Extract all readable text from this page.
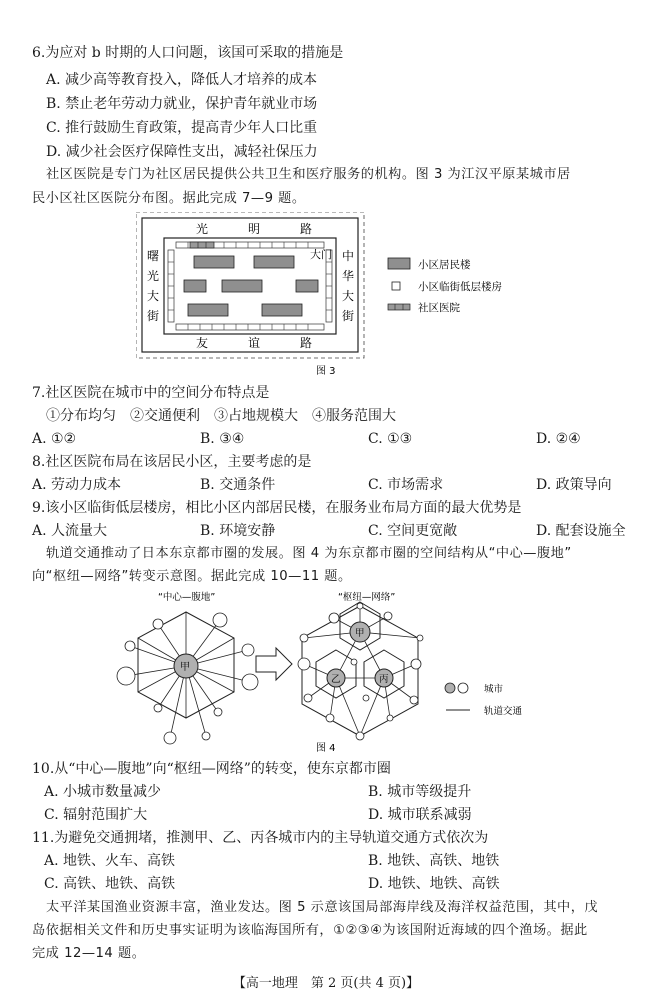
6.为应对 b 时期的人口问题，该国可采取的措施是
A. 减少高等教育投入，降低人才培养的成本
B. 禁止老年劳动力就业，保护青年就业市场
C. 推行鼓励生育政策，提高青少年人口比重
D. 减少社会医疗保障性支出，减轻社保压力
社区医院是专门为社区居民提供公共卫生和医疗服务的机构。图 3 为江汉平原某城市居
民小区社区医院分布图。据此完成 7—9 题。
光	明	路
友	谊	路
曙
光
大
街
中
华
大
街
大门
小区居民楼
小区临街低层楼房
社区医院
图 3
7.社区医院在城市中的空间分布特点是
①分布均匀　②交通便利　③占地规模大　④服务范围大
A. ①②	B. ③④	C. ①③	D. ②④
8.社区医院布局在该居民小区，主要考虑的是
A. 劳动力成本	B. 交通条件	C. 市场需求	D. 政策导向
9.该小区临街低层楼房，相比小区内部居民楼，在服务业布局方面的最大优势是
A. 人流量大	B. 环境安静	C. 空间更宽敞	D. 配套设施全
轨道交通推动了日本东京都市圈的发展。图 4 为东京都市圈的空间结构从“中心—腹地”
向“枢纽—网络”转变示意图。据此完成 10—11 题。
“中心—腹地”	“枢纽—网络”
甲
甲
乙	丙
城市
轨道交通
图 4
10.从“中心—腹地”向“枢纽—网络”的转变，使东京都市圈
A. 小城市数量减少	B. 城市等级提升
C. 辐射范围扩大	D. 城市联系减弱
11.为避免交通拥堵，推测甲、乙、丙各城市内的主导轨道交通方式依次为
A. 地铁、火车、高铁	B. 地铁、高铁、地铁
C. 高铁、地铁、高铁	D. 地铁、地铁、高铁
太平洋某国渔业资源丰富，渔业发达。图 5 示意该国局部海岸线及海洋权益范围，其中，戊
岛依据相关文件和历史事实证明为该临海国所有，①②③④为该国附近海域的四个渔场。据此
完成 12—14 题。
【高一地理　第 2 页(共 4 页)】
